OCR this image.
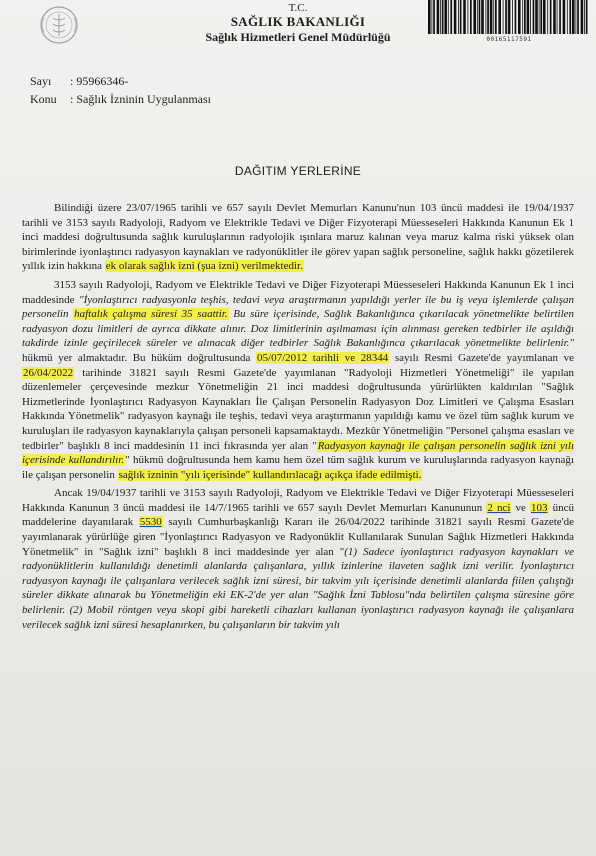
T.C.
SAĞLIK BAKANLIĞI
Sağlık Hizmetleri Genel Müdürlüğü	00165117591
Sayı : 95966346-
Konu : Sağlık İzninin Uygulanması
DAĞITIM YERLERİNE

Bilindiği üzere 23/07/1965 tarihli ve 657 sayılı Devlet Memurları Kanunu'nun 103 üncü maddesi ile 19/04/1937 tarihli ve 3153 sayılı Radyoloji, Radyom ve Elektrikle Tedavi ve Diğer Fizyoterapi Müesseseleri Hakkında Kanunun Ek 1 inci maddesi doğrultusunda sağlık kuruluşlarının radyolojik ışınlara maruz kalınan veya maruz kalma riski yüksek olan birimlerinde iyonlaştırıcı radyasyon kaynakları ve radyonüklitler ile görev yapan sağlık personeline, sağlık hakkı gözetilerek yıllık izin hakkına ek olarak sağlık izni (şua izni) verilmektedir.

3153 sayılı Radyoloji, Radyom ve Elektrikle Tedavi ve Diğer Fizyoterapi Müesseseleri Hakkında Kanunun Ek 1 inci maddesinde "İyonlaştırıcı radyasyonla teşhis, tedavi veya araştırmanın yapıldığı yerler ile bu iş veya işlemlerde çalışan personelin haftalık çalışma süresi 35 saattir. Bu süre içerisinde, Sağlık Bakanlığınca çıkarılacak yönetmelikte belirtilen radyasyon dozu limitleri de ayrıca dikkate alınır. Doz limitlerinin aşılmaması için alınması gereken tedbirler ile aşıldığı takdirde izinle geçirilecek süreler ve alınacak diğer tedbirler Sağlık Bakanlığınca çıkarılacak yönetmelikte belirlenir." hükmü yer almaktadır. Bu hüküm doğrultusunda 05/07/2012 tarihli ve 28344 sayılı Resmi Gazete'de yayımlanan ve 26/04/2022 tarihinde 31821 sayılı Resmi Gazete'de yayımlanan "Radyoloji Hizmetleri Yönetmeliği" ile yapılan düzenlemeler çerçevesinde mezkur Yönetmeliğin 21 inci maddesi doğrultusunda yürürlükten kaldırılan "Sağlık Hizmetlerinde İyonlaştırıcı Radyasyon Kaynakları İle Çalışan Personelin Radyasyon Doz Limitleri ve Çalışma Esasları Hakkında Yönetmelik" radyasyon kaynağı ile teşhis, tedavi veya araştırmanın yapıldığı kamu ve özel tüm sağlık kurum ve kuruluşları ile radyasyon kaynaklarıyla çalışan personeli kapsamaktaydı. Mezkûr Yönetmeliğin "Personel çalışma esasları ve tedbirler" başlıklı 8 inci maddesinin 11 inci fıkrasında yer alan "Radyasyon kaynağı ile çalışan personelin sağlık izni yılı içerisinde kullandırılır." hükmü doğrultusunda hem kamu hem özel tüm sağlık kurum ve kuruluşlarında radyasyon kaynağı ile çalışan personelin sağlık izninin "yılı içerisinde" kullandırılacağı açıkça ifade edilmişti.

Ancak 19/04/1937 tarihli ve 3153 sayılı Radyoloji, Radyom ve Elektrikle Tedavi ve Diğer Fizyoterapi Müesseseleri Hakkında Kanunun 3 üncü maddesi ile 14/7/1965 tarihli ve 657 sayılı Devlet Memurları Kanununun 2 nci ve 103 üncü maddelerine dayanılarak 5530 sayılı Cumhurbaşkanlığı Kararı ile 26/04/2022 tarihinde 31821 sayılı Resmi Gazete'de yayımlanarak yürürlüğe giren "İyonlaştırıcı Radyasyon ve Radyonüklit Kullanılarak Sunulan Sağlık Hizmetleri Hakkında Yönetmelik" in "Sağlık izni" başlıklı 8 inci maddesinde yer alan "(1) Sadece iyonlaştırıcı radyasyon kaynakları ve radyonüklitlerin kullanıldığı denetimli alanlarda çalışanlara, yıllık izinlerine ilaveten sağlık izni verilir. İyonlaştırıcı radyasyon kaynağı ile çalışanlara verilecek sağlık izni süresi, bir takvim yılı içerisinde denetimli alanlarda fiilen çalıştığı süreler dikkate alınarak bu Yönetmeliğin eki EK-2'de yer alan "Sağlık İzni Tablosu"nda belirtilen çalışma süresine göre belirlenir. (2) Mobil röntgen veya skopi gibi hareketli cihazları kullanan iyonlaştırıcı radyasyon kaynağı ile çalışanlara verilecek sağlık izni süresi hesaplanırken, bu çalışanların bir takvim yılı
